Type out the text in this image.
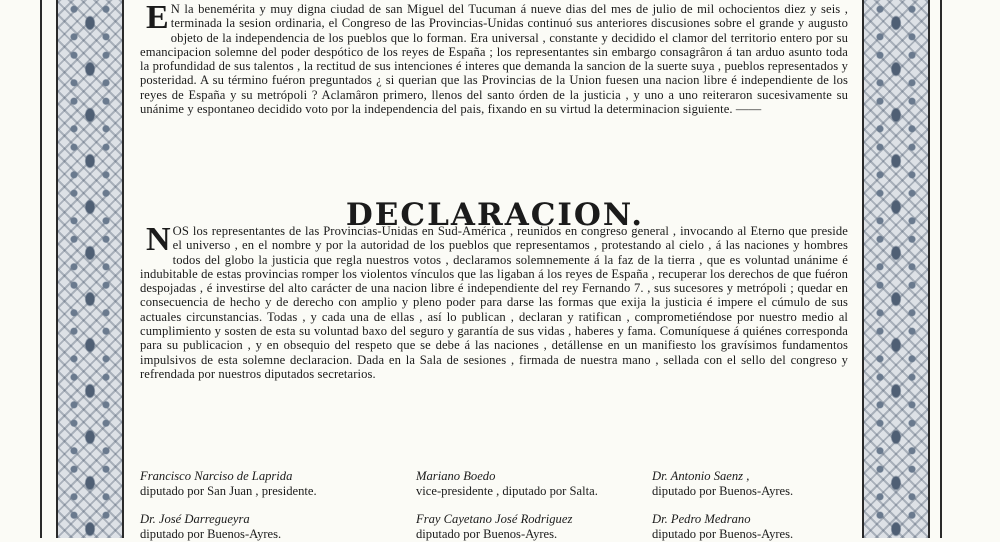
E N la benemérita y muy digna ciudad de san Miguel del Tucuman á nueve dias del mes de julio de mil ochocientos diez y seis , terminada la sesion ordinaria, el Congreso de las Provincias-Unidas continuó sus anteriores discusiones sobre el grande y augusto objeto de la independencia de los pueblos que lo forman. Era universal , constante y decidido el clamor del territorio entero por su emancipacion solemne del poder despótico de los reyes de España ; los representantes sin embargo consagrâron á tan arduo asunto toda la profundidad de sus talentos , la rectitud de sus intenciones é interes que demanda la sancion de la suerte suya , pueblos representados y posteridad. A su término fuéron preguntados ¿ si querian que las Provincias de la Union fuesen una nacion libre é independiente de los reyes de España y su metrópoli ? Aclamâron primero, llenos del santo órden de la justicia , y uno a uno reiteraron sucesivamente su unánime y espontaneo decidido voto por la independencia del pais, fixando en su virtud la determinacion siguiente. ——

DECLARACION.

N OS los representantes de las Provincias-Unidas en Sud-América , reunidos en congreso general , invocando al Eterno que preside el universo , en el nombre y por la autoridad de los pueblos que representamos , protestando al cielo , á las naciones y hombres todos del globo la justicia que regla nuestros votos , declaramos solemnemente á la faz de la tierra , que es voluntad unánime é indubitable de estas provincias romper los violentos vínculos que las ligaban á los reyes de España , recuperar los derechos de que fuéron despojadas , é investirse del alto carácter de una nacion libre é independiente del rey Fernando 7. , sus sucesores y metrópoli ; quedar en consecuencia de hecho y de derecho con amplio y pleno poder para darse las formas que exija la justicia é impere el cúmulo de sus actuales circunstancias. Todas , y cada una de ellas , así lo publican , declaran y ratifican , comprometiéndose por nuestro medio al cumplimiento y sosten de esta su voluntad baxo del seguro y garantía de sus vidas , haberes y fama. Comuníquese á quiénes corresponda para su publicacion , y en obsequio del respeto que se debe á las naciones , detállense en un manifiesto los gravísimos fundamentos impulsivos de esta solemne declaracion. Dada en la Sala de sesiones , firmada de nuestra mano , sellada con el sello del congreso y refrendada por nuestros diputados secretarios.

Francisco Narciso de Laprida
diputado por San Juan , presidente.
Mariano Boedo
vice-presidente , diputado por Salta.
Dr. Antonio Saenz ,
diputado por Buenos-Ayres.
Dr. José Darregueyra
diputado por Buenos-Ayres.
Fray Cayetano José Rodriguez
diputado por Buenos-Ayres.
Dr. Pedro Medrano
diputado por Buenos-Ayres.
